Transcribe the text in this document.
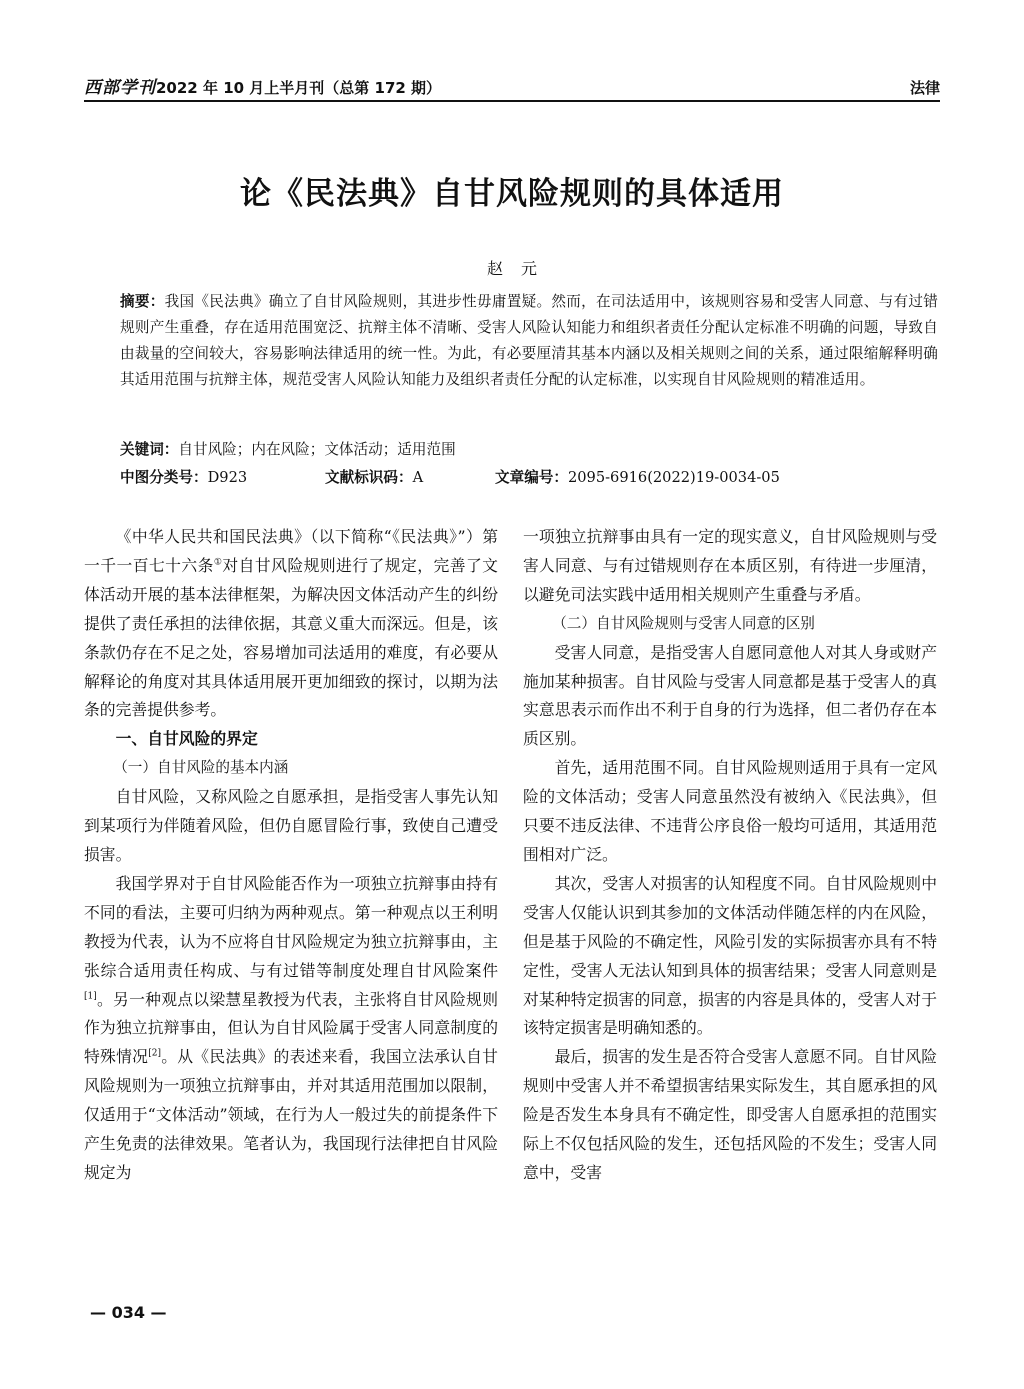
西部学刊 2022 年 10 月上半月刊（总第 172 期）	法律
论《民法典》自甘风险规则的具体适用
赵元
摘要：我国《民法典》确立了自甘风险规则，其进步性毋庸置疑。然而，在司法适用中，该规则容易和受害人同意、与有过错规则产生重叠，存在适用范围宽泛、抗辩主体不清晰、受害人风险认知能力和组织者责任分配认定标准不明确的问题，导致自由裁量的空间较大，容易影响法律适用的统一性。为此，有必要厘清其基本内涵以及相关规则之间的关系，通过限缩解释明确其适用范围与抗辩主体，规范受害人风险认知能力及组织者责任分配的认定标准，以实现自甘风险规则的精准适用。
关键词：自甘风险；内在风险；文体活动；适用范围
中图分类号：D923	文献标识码：A	文章编号：2095-6916(2022)19-0034-05

《中华人民共和国民法典》（以下简称“《民法典》”）第一千一百七十六条①对自甘风险规则进行了规定，完善了文体活动开展的基本法律框架，为解决因文体活动产生的纠纷提供了责任承担的法律依据，其意义重大而深远。但是，该条款仍存在不足之处，容易增加司法适用的难度，有必要从解释论的角度对其具体适用展开更加细致的探讨，以期为法条的完善提供参考。

一、自甘风险的界定

（一）自甘风险的基本内涵

自甘风险，又称风险之自愿承担，是指受害人事先认知到某项行为伴随着风险，但仍自愿冒险行事，致使自己遭受损害。

我国学界对于自甘风险能否作为一项独立抗辩事由持有不同的看法，主要可归纳为两种观点。第一种观点以王利明教授为代表，认为不应将自甘风险规定为独立抗辩事由，主张综合适用责任构成、与有过错等制度处理自甘风险案件[1]。另一种观点以梁慧星教授为代表，主张将自甘风险规则作为独立抗辩事由，但认为自甘风险属于受害人同意制度的特殊情况[2]。从《民法典》的表述来看，我国立法承认自甘风险规则为一项独立抗辩事由，并对其适用范围加以限制，仅适用于“文体活动”领域，在行为人一般过失的前提条件下产生免责的法律效果。笔者认为，我国现行法律把自甘风险规定为

一项独立抗辩事由具有一定的现实意义，自甘风险规则与受害人同意、与有过错规则存在本质区别，有待进一步厘清，以避免司法实践中适用相关规则产生重叠与矛盾。

（二）自甘风险规则与受害人同意的区别

受害人同意，是指受害人自愿同意他人对其人身或财产施加某种损害。自甘风险与受害人同意都是基于受害人的真实意思表示而作出不利于自身的行为选择，但二者仍存在本质区别。

首先，适用范围不同。自甘风险规则适用于具有一定风险的文体活动；受害人同意虽然没有被纳入《民法典》，但只要不违反法律、不违背公序良俗一般均可适用，其适用范围相对广泛。

其次，受害人对损害的认知程度不同。自甘风险规则中受害人仅能认识到其参加的文体活动伴随怎样的内在风险，但是基于风险的不确定性，风险引发的实际损害亦具有不特定性，受害人无法认知到具体的损害结果；受害人同意则是对某种特定损害的同意，损害的内容是具体的，受害人对于该特定损害是明确知悉的。

最后，损害的发生是否符合受害人意愿不同。自甘风险规则中受害人并不希望损害结果实际发生，其自愿承担的风险是否发生本身具有不确定性，即受害人自愿承担的范围实际上不仅包括风险的发生，还包括风险的不发生；受害人同意中，受害

— 034 —
